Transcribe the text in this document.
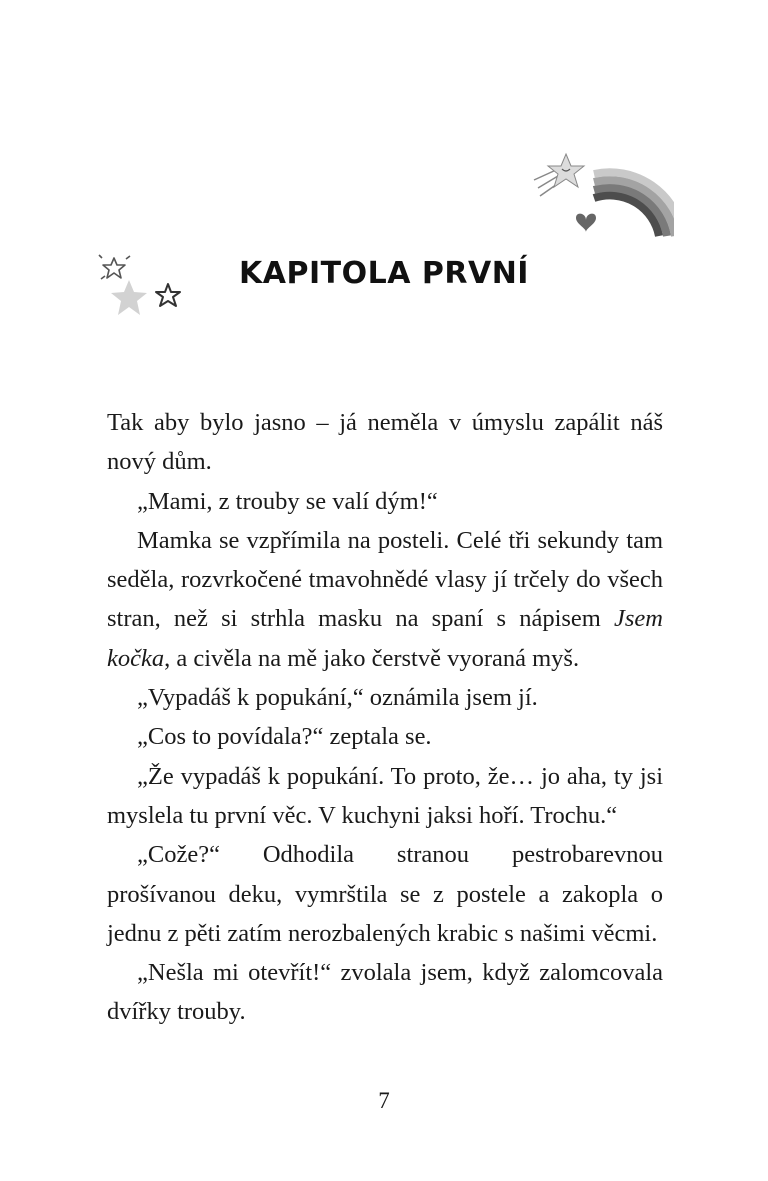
KAPITOLA PRVNÍ

Tak aby bylo jasno – já neměla v úmyslu zapálit náš nový dům.

„Mami, z trouby se valí dým!“

Mamka se vzpřímila na posteli. Celé tři sekundy tam seděla, rozvrkočené tmavohnědé vlasy jí trčely do všech stran, než si strhla masku na spaní s nápisem Jsem kočka, a civěla na mě jako čerstvě vyoraná myš.

„Vypadáš k popukání,“ oznámila jsem jí.

„Cos to povídala?“ zeptala se.

„Že vypadáš k popukání. To proto, že… jo aha, ty jsi myslela tu první věc. V kuchyni jaksi hoří. Trochu.“

„Cože?“ Odhodila stranou pestrobarevnou prošívanou deku, vymrštila se z postele a zakopla o jednu z pěti zatím nerozbalených krabic s našimi věcmi.

„Nešla mi otevřít!“ zvolala jsem, když zalomcovala dvířky trouby.

7
